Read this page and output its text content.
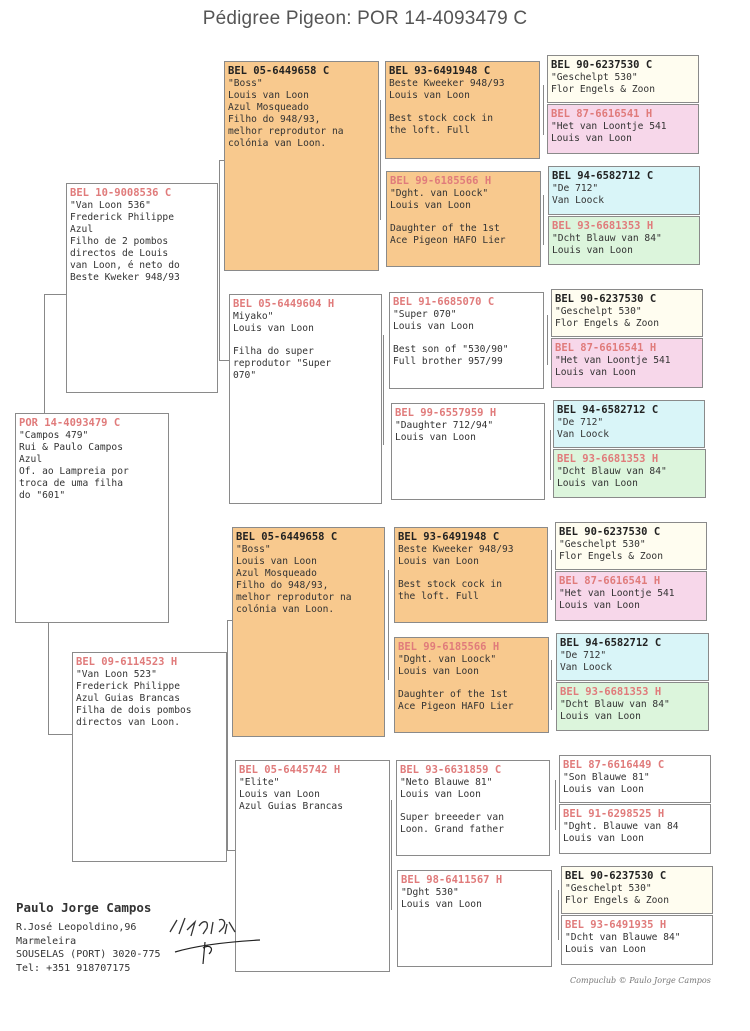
Pédigree Pigeon: POR 14-4093479 C
POR 14-4093479 C
"Campos 479"
Rui & Paulo Campos
Azul
Of. ao Lampreia por
troca de uma filha
do "601"
BEL 10-9008536 C
"Van Loon 536"
Frederick Philippe
Azul
Filho de 2 pombos
directos de Louis
van Loon, é neto do
Beste Kweker 948/93
BEL 09-6114523 H
"Van Loon 523"
Frederick Philippe
Azul Guias Brancas
Filha de dois pombos
directos van Loon.
BEL 05-6449658 C
"Boss"
Louis van Loon
Azul Mosqueado
Filho do 948/93,
melhor reprodutor na
colónia van Loon.
BEL 05-6449604 H
Miyako"
Louis van Loon
Filha do super
reprodutor "Super
070"
BEL 05-6449658 C
"Boss"
Louis van Loon
Azul Mosqueado
Filho do 948/93,
melhor reprodutor na
colónia van Loon.
BEL 05-6445742 H
"Elite"
Louis van Loon
Azul Guias Brancas
BEL 93-6491948 C
Beste Kweeker 948/93
Louis van Loon
Best stock cock in
the loft. Full
BEL 99-6185566 H
"Dght. van Loock"
Louis van Loon
Daughter of the 1st
Ace Pigeon HAFO Lier
BEL 91-6685070 C
"Super 070"
Louis van Loon
Best son of "530/90"
Full brother 957/99
BEL 99-6557959 H
"Daughter 712/94"
Louis van Loon
BEL 93-6491948 C
Beste Kweeker 948/93
Louis van Loon
Best stock cock in
the loft. Full
BEL 99-6185566 H
"Dght. van Loock"
Louis van Loon
Daughter of the 1st
Ace Pigeon HAFO Lier
BEL 93-6631859 C
"Neto Blauwe 81"
Louis van Loon
Super breeeder van
Loon. Grand father
BEL 98-6411567 H
"Dght 530"
Louis van Loon
BEL 90-6237530 C
"Geschelpt 530"
Flor Engels & Zoon
BEL 87-6616541 H
"Het van Loontje 541
Louis van Loon
BEL 94-6582712 C
"De 712"
Van Loock
BEL 93-6681353 H
"Dcht Blauw van 84"
Louis van Loon
BEL 90-6237530 C
"Geschelpt 530"
Flor Engels & Zoon
BEL 87-6616541 H
"Het van Loontje 541
Louis van Loon
BEL 94-6582712 C
"De 712"
Van Loock
BEL 93-6681353 H
"Dcht Blauw van 84"
Louis van Loon
BEL 90-6237530 C
"Geschelpt 530"
Flor Engels & Zoon
BEL 87-6616541 H
"Het van Loontje 541
Louis van Loon
BEL 94-6582712 C
"De 712"
Van Loock
BEL 93-6681353 H
"Dcht Blauw van 84"
Louis van Loon
BEL 87-6616449 C
"Son Blauwe 81"
Louis van Loon
BEL 91-6298525 H
"Dght. Blauwe van 84
Louis van Loon
BEL 90-6237530 C
"Geschelpt 530"
Flor Engels & Zoon
BEL 93-6491935 H
"Dcht van Blauwe 84"
Louis van Loon
Paulo Jorge Campos
R.José Leopoldino,96
Marmeleira
SOUSELAS (PORT) 3020-775
Tel: +351 918707175
Compuclub © Paulo Jorge Campos
